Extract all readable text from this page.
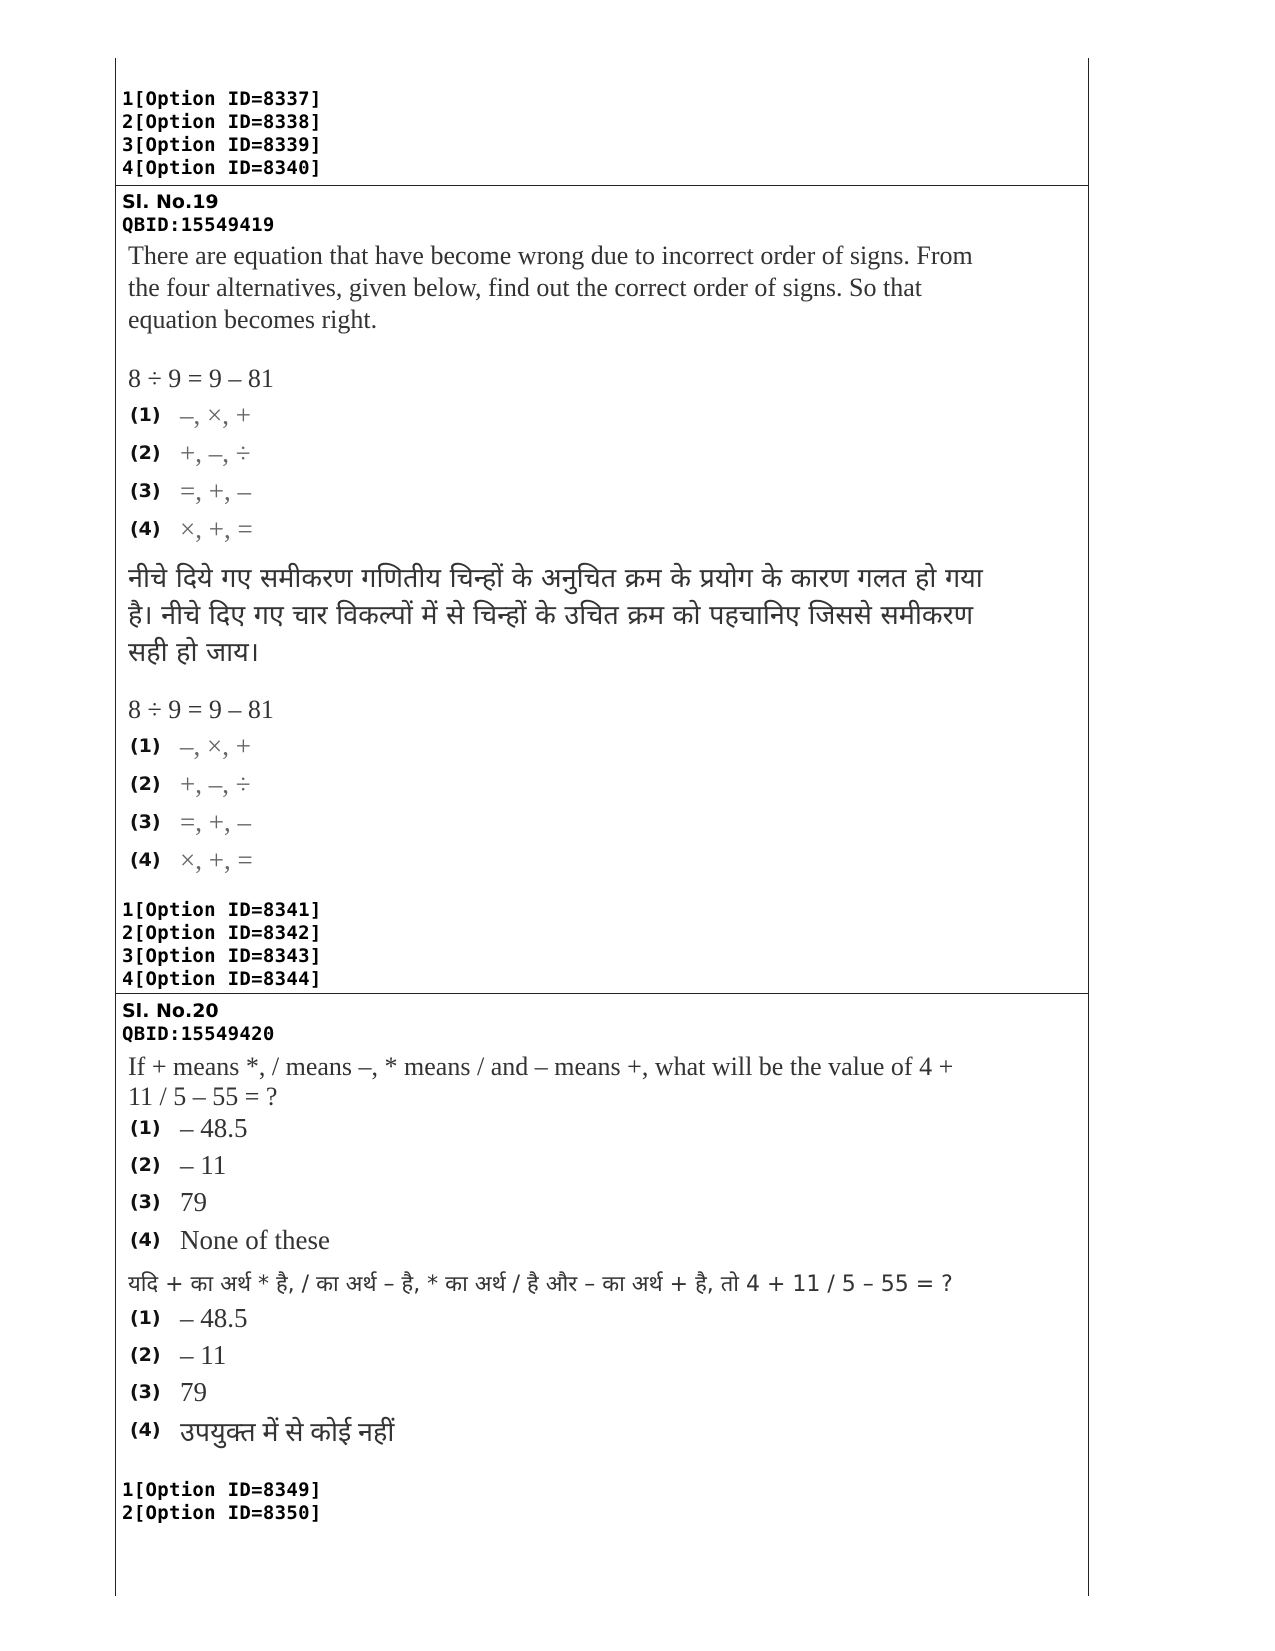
1[Option ID=8337]
2[Option ID=8338]
3[Option ID=8339]
4[Option ID=8340]
Sl. No.19
QBID:15549419
There are equation that have become wrong due to incorrect order of signs. From
the four alternatives, given below, find out the correct order of signs. So that
equation becomes right.
8 ÷ 9 = 9 – 81
(1) –, ×, +
(2) +, –, ÷
(3) =, +, –
(4) ×, +, =
नीचे दिये गए समीकरण गणितीय चिन्हों के अनुचित क्रम के प्रयोग के कारण गलत हो गया
है। नीचे दिए गए चार विकल्पों में से चिन्हों के उचित क्रम को पहचानिए जिससे समीकरण
सही हो जाय।
8 ÷ 9 = 9 – 81
(1) –, ×, +
(2) +, –, ÷
(3) =, +, –
(4) ×, +, =
1[Option ID=8341]
2[Option ID=8342]
3[Option ID=8343]
4[Option ID=8344]
Sl. No.20
QBID:15549420
If + means *, / means –, * means / and – means +, what will be the value of 4 +
11 / 5 – 55 = ?
(1) – 48.5
(2) – 11
(3) 79
(4) None of these
यदि + का अर्थ * है, / का अर्थ – है, * का अर्थ / है और – का अर्थ + है, तो 4 + 11 / 5 – 55 = ?
(1) – 48.5
(2) – 11
(3) 79
(4) उपयुक्त में से कोई नहीं
1[Option ID=8349]
2[Option ID=8350]
